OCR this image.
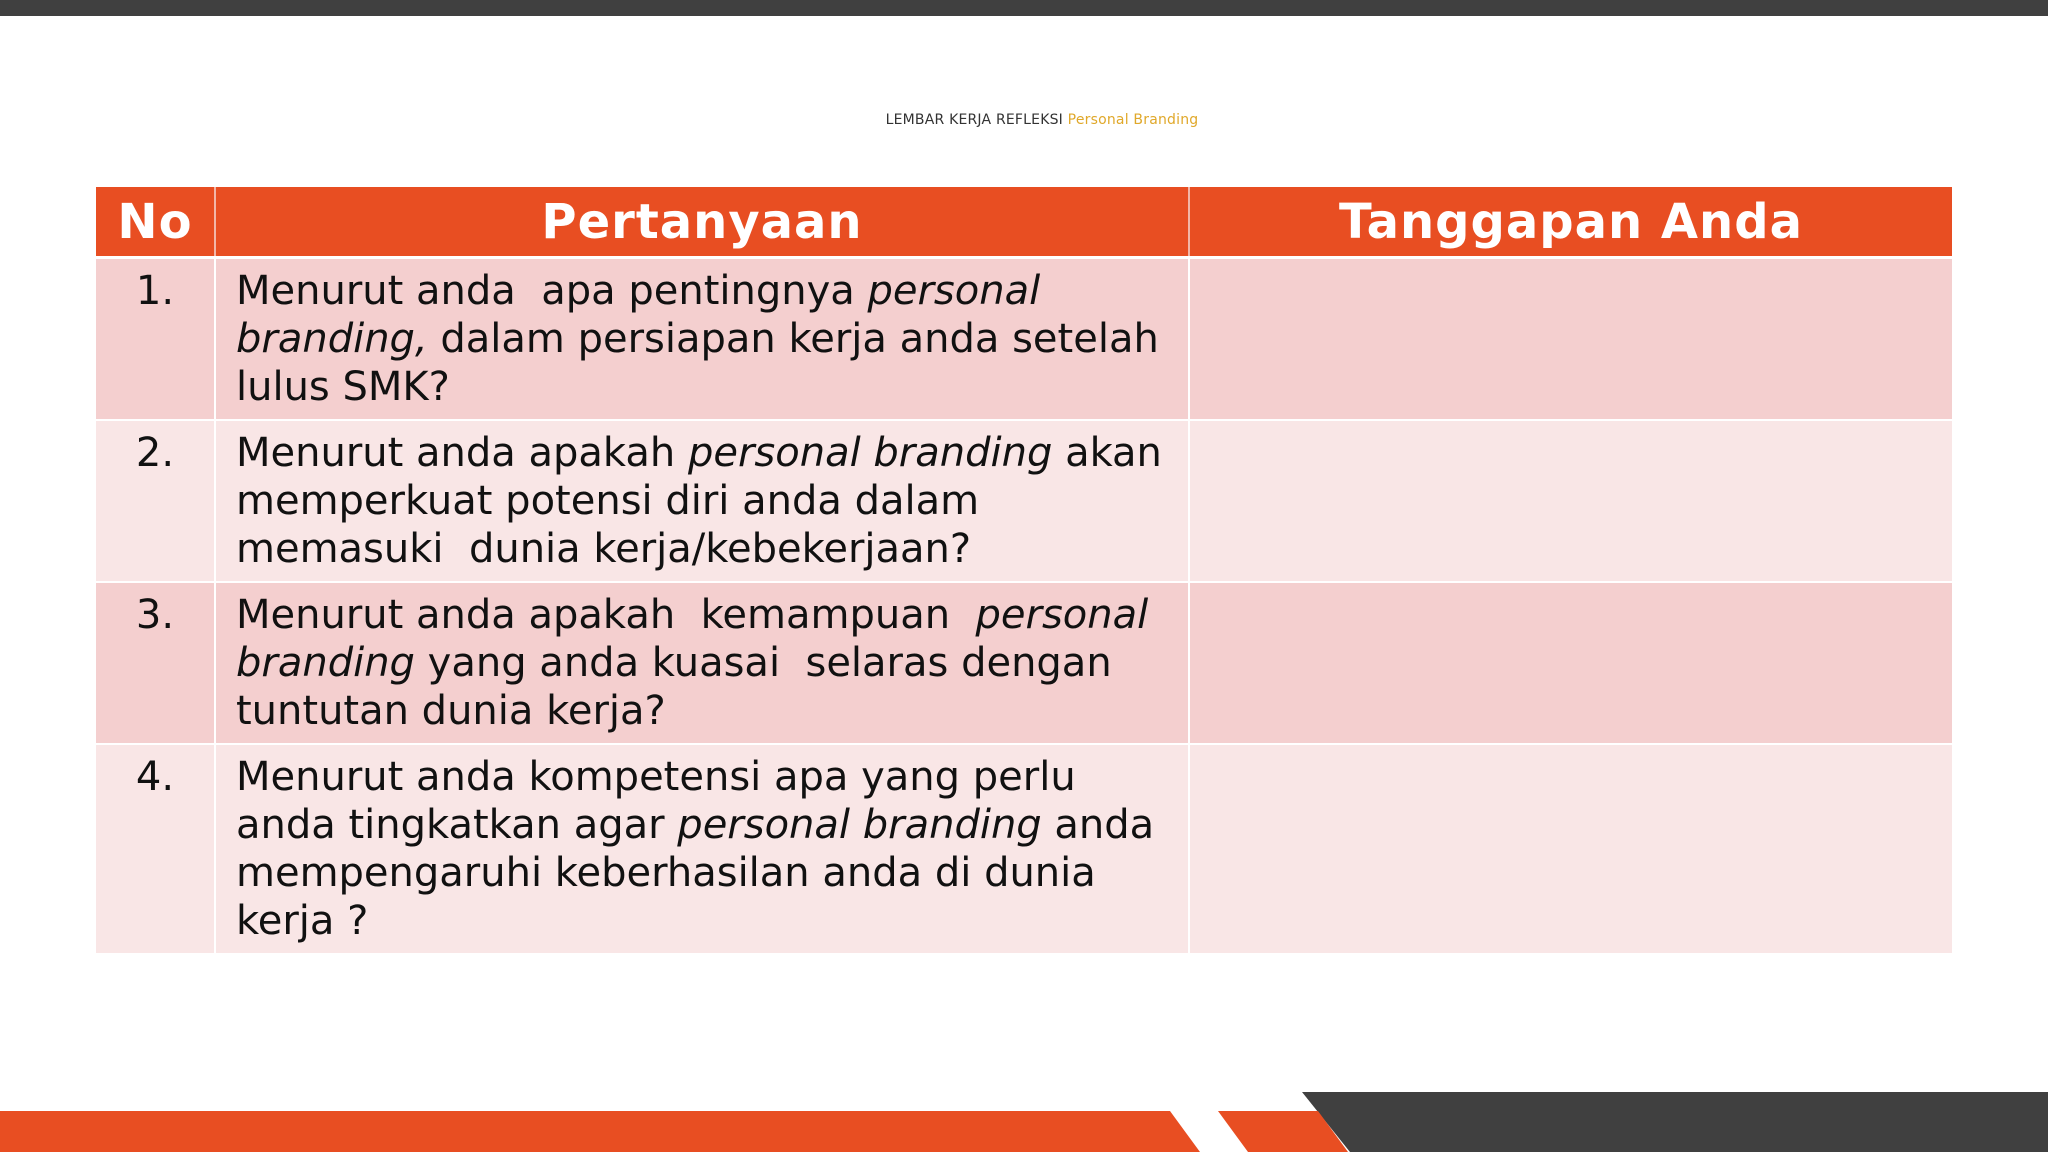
LEMBAR KERJA REFLEKSI Personal Branding
No	Pertanyaan	Tanggapan Anda
1.	Menurut anda  apa pentingnya personal branding, dalam persiapan kerja anda setelah lulus SMK?	
2.	Menurut anda apakah personal branding akan memperkuat potensi diri anda dalam  memasuki  dunia kerja/kebekerjaan?	
3.	Menurut anda apakah  kemampuan  personal branding yang anda kuasai  selaras dengan tuntutan dunia kerja?	
4.	Menurut anda kompetensi apa yang perlu anda tingkatkan agar personal branding anda mempengaruhi keberhasilan anda di dunia kerja ?	
